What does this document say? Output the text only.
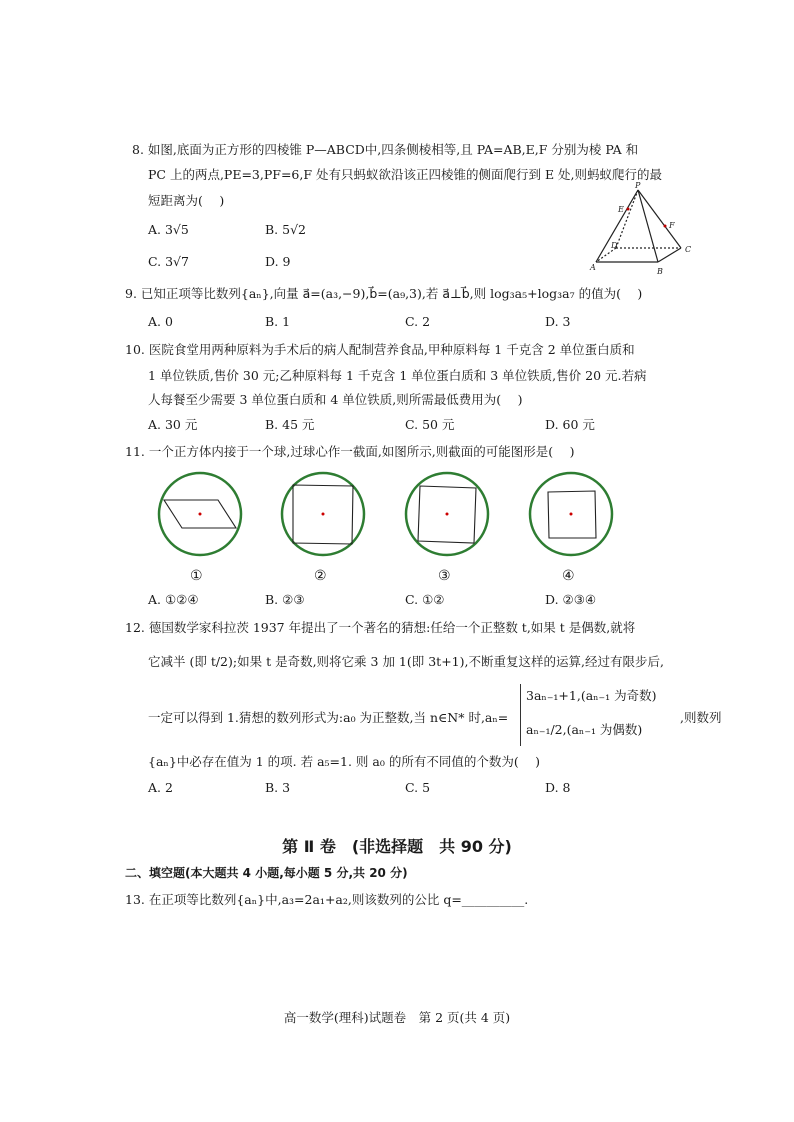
8. 如图,底面为正方形的四棱锥 P—ABCD中,四条侧棱相等,且 PA=AB,E,F 分别为棱 PA 和
PC 上的两点,PE=3,PF=6,F 处有只蚂蚁欲沿该正四棱锥的侧面爬行到 E 处,则蚂蚁爬行的最
短距离为(　 )
A. 3√5	B. 5√2
C. 3√7	D. 9
P
E
F
D	C
A	B
9. 已知正项等比数列{aₙ},向量 a⃗=(a₃,−9),b⃗=(a₉,3),若 a⃗⊥b⃗,则 log₃a₅+log₃a₇ 的值为(　 )
A. 0	B. 1	C. 2	D. 3
10. 医院食堂用两种原料为手术后的病人配制营养食品,甲种原料每 1 千克含 2 单位蛋白质和
1 单位铁质,售价 30 元;乙种原料每 1 千克含 1 单位蛋白质和 3 单位铁质,售价 20 元.若病
人每餐至少需要 3 单位蛋白质和 4 单位铁质,则所需最低费用为(　 )
A. 30 元	B. 45 元	C. 50 元	D. 60 元
11. 一个正方体内接于一个球,过球心作一截面,如图所示,则截面的可能图形是(　 )
①	②	③	④
A. ①②④	B. ②③	C. ①②	D. ②③④
12. 德国数学家科拉茨 1937 年提出了一个著名的猜想:任给一个正整数 t,如果 t 是偶数,就将
它减半 (即 t/2);如果 t 是奇数,则将它乘 3 加 1(即 3t+1),不断重复这样的运算,经过有限步后,
一定可以得到 1.猜想的数列形式为:a₀ 为正整数,当 n∈N* 时,aₙ=
3aₙ₋₁+1,(aₙ₋₁ 为奇数)
aₙ₋₁/2,(aₙ₋₁ 为偶数)
,则数列
{aₙ}中必存在值为 1 的项. 若 a₅=1. 则 a₀ 的所有不同值的个数为(　 )
A. 2	B. 3	C. 5	D. 8
第 Ⅱ 卷　(非选择题　共 90 分)
二、填空题(本大题共 4 小题,每小题 5 分,共 20 分)
13. 在正项等比数列{aₙ}中,a₃=2a₁+a₂,则该数列的公比 q=__________.
高一数学(理科)试题卷　第 2 页(共 4 页)
